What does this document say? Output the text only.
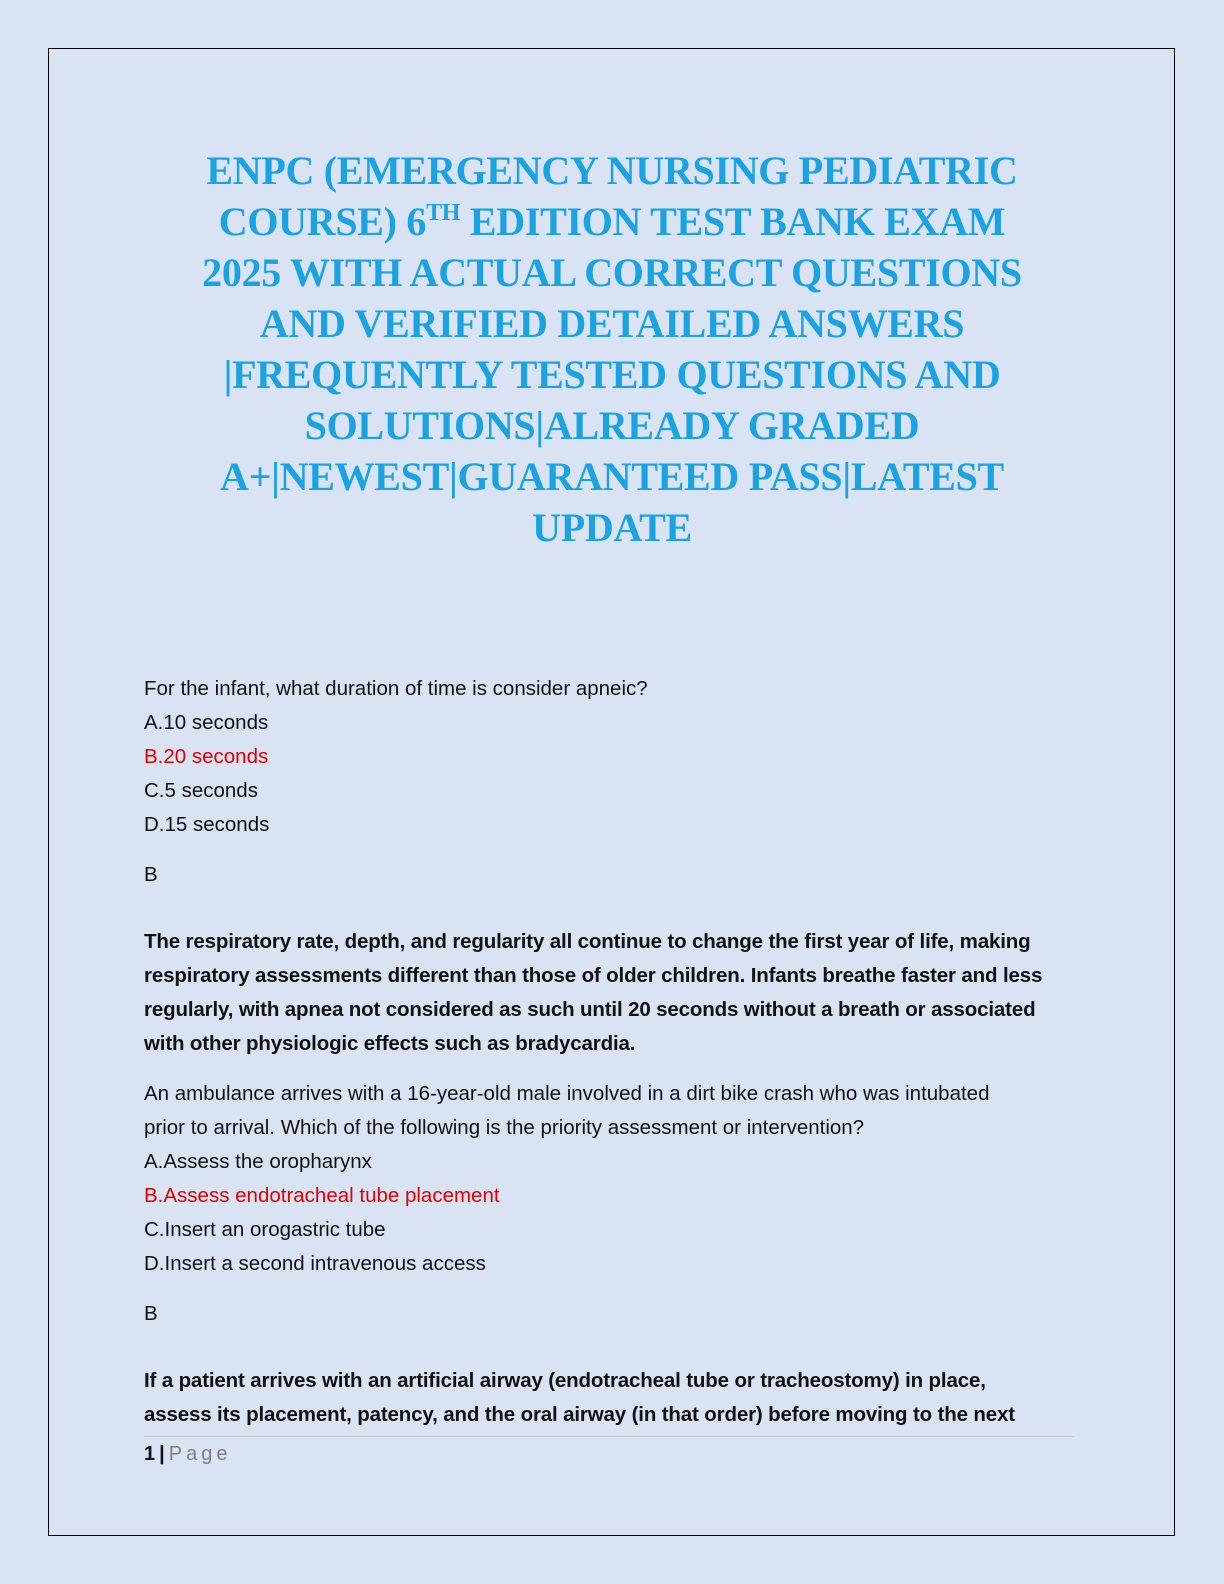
ENPC (EMERGENCY NURSING PEDIATRIC
COURSE) 6TH EDITION TEST BANK EXAM
2025 WITH ACTUAL CORRECT QUESTIONS
AND VERIFIED DETAILED ANSWERS
|FREQUENTLY TESTED QUESTIONS AND
SOLUTIONS|ALREADY GRADED
A+|NEWEST|GUARANTEED PASS|LATEST
UPDATE
For the infant, what duration of time is consider apneic?
A.10 seconds
B.20 seconds
C.5 seconds
D.15 seconds
B
The respiratory rate, depth, and regularity all continue to change the first year of life, making
respiratory assessments different than those of older children. Infants breathe faster and less
regularly, with apnea not considered as such until 20 seconds without a breath or associated
with other physiologic effects such as bradycardia.
An ambulance arrives with a 16-year-old male involved in a dirt bike crash who was intubated
prior to arrival. Which of the following is the priority assessment or intervention?
A.Assess the oropharynx
B.Assess endotracheal tube placement
C.Insert an orogastric tube
D.Insert a second intravenous access
B
If a patient arrives with an artificial airway (endotracheal tube or tracheostomy) in place,
assess its placement, patency, and the oral airway (in that order) before moving to the next
1 | Page
